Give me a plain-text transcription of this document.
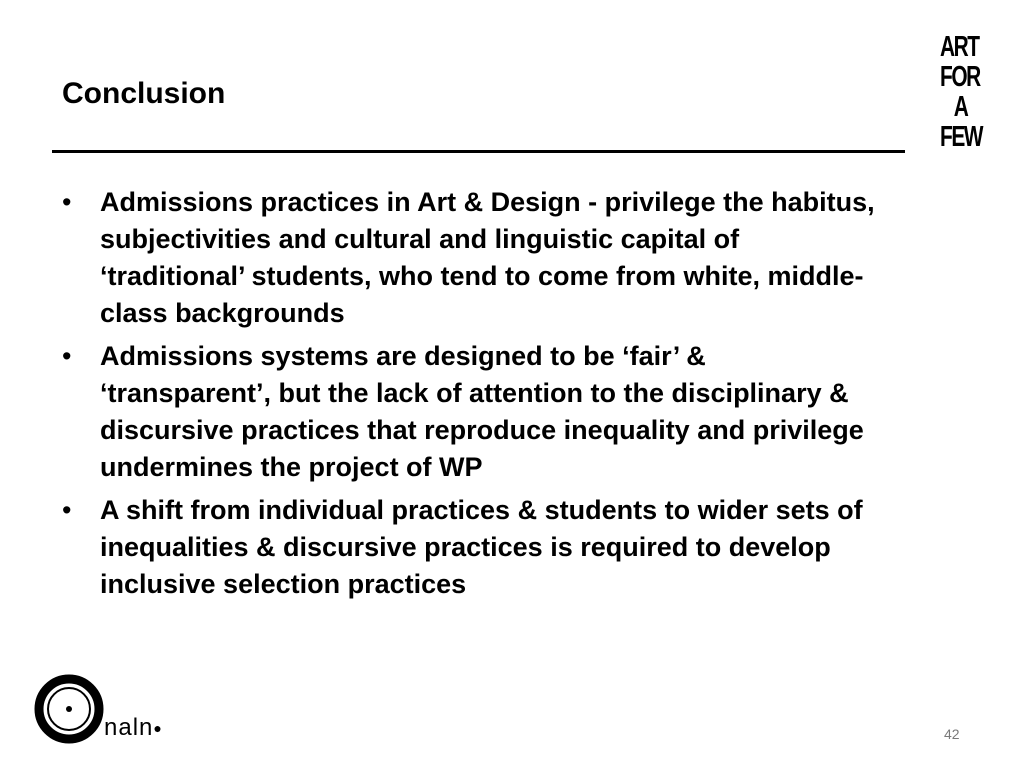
Conclusion
ART
FOR
A
FEW
• Admissions practices in Art & Design - privilege the habitus, subjectivities and cultural and linguistic capital of ‘traditional’ students, who tend to come from white, middle-class backgrounds
• Admissions systems are designed to be ‘fair’ & ‘transparent’, but the lack of attention to the disciplinary & discursive practices that reproduce inequality and privilege undermines the project of WP
• A shift from individual practices & students to wider sets of inequalities & discursive practices is required to develop inclusive selection practices
naln●	42
